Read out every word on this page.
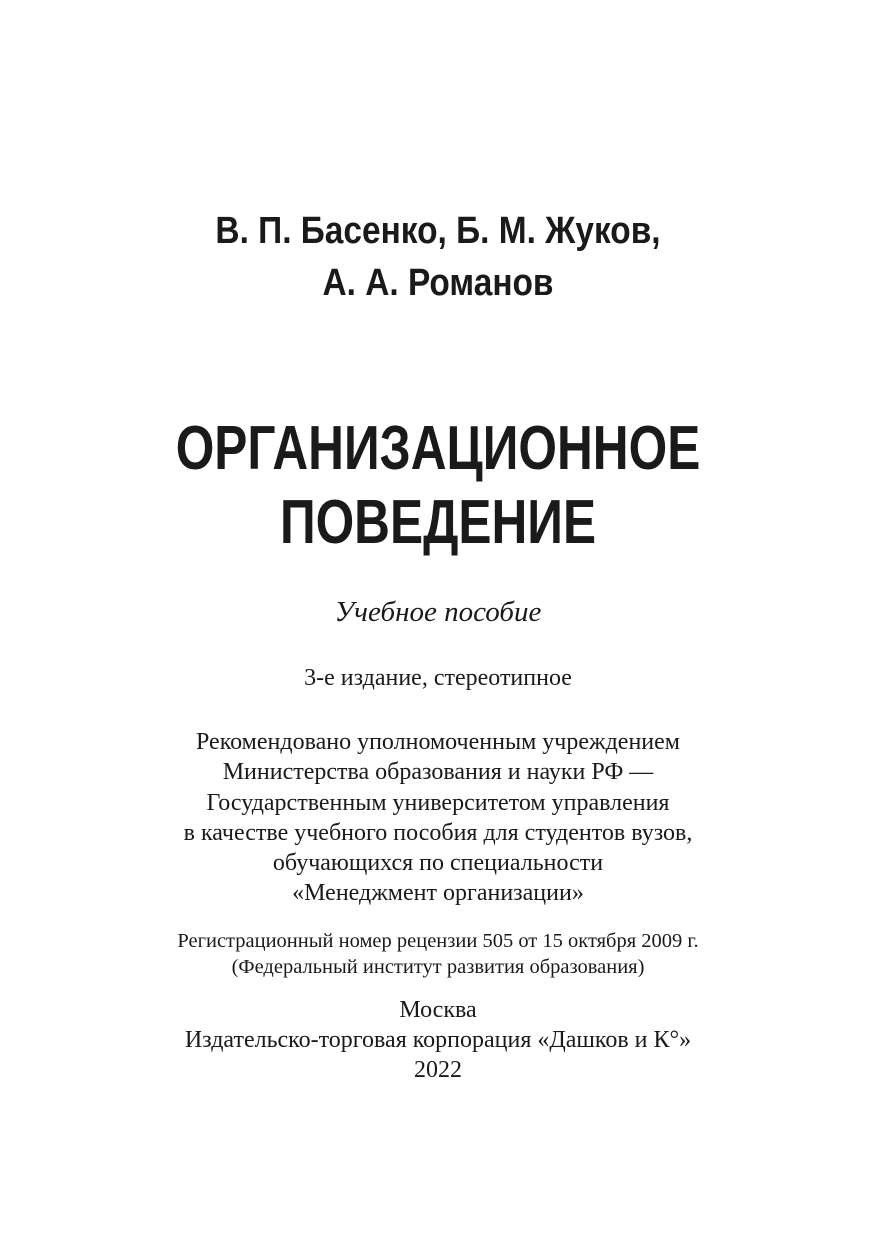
В. П. Басенко, Б. М. Жуков,
А. А. Романов
ОРГАНИЗАЦИОННОЕ
ПОВЕДЕНИЕ
Учебное пособие
3-е издание, стереотипное
Рекомендовано уполномоченным учреждением
Министерства образования и науки РФ —
Государственным университетом управления
в качестве учебного пособия для студентов вузов,
обучающихся по специальности
«Менеджмент организации»
Регистрационный номер рецензии 505 от 15 октября 2009 г.
(Федеральный институт развития образования)
Москва
Издательско-торговая корпорация «Дашков и К°»
2022
